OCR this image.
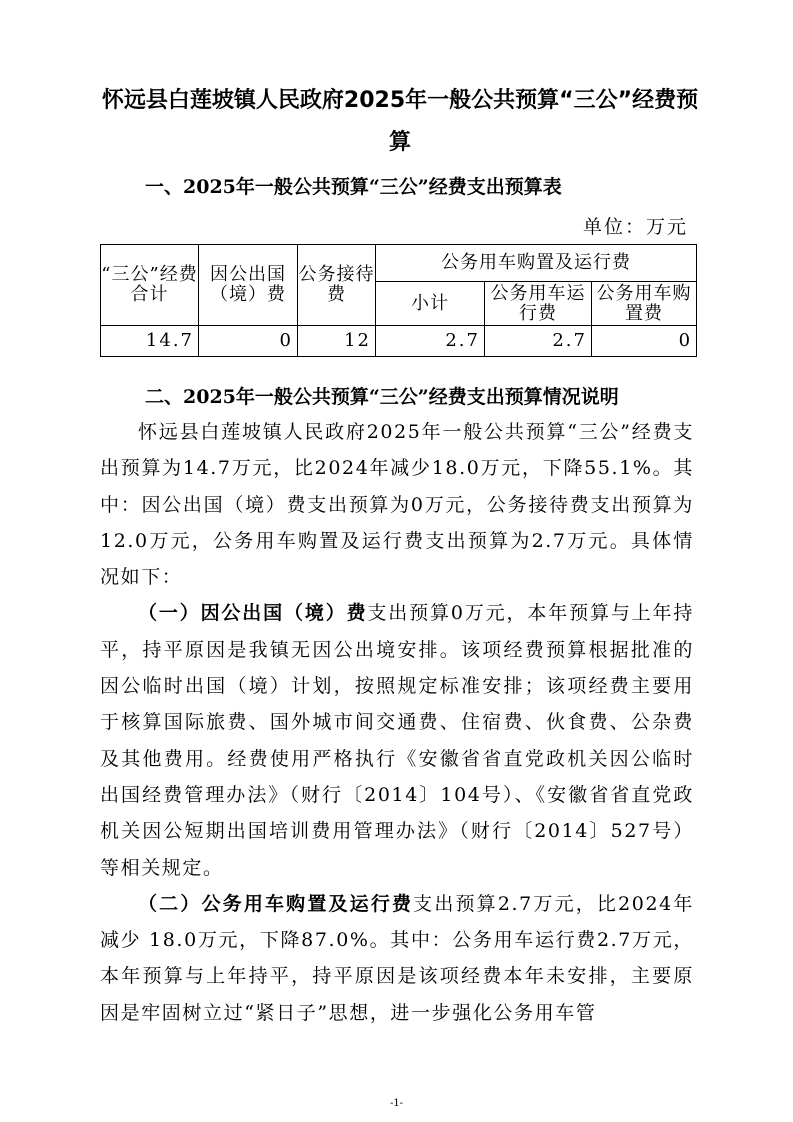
怀远县白莲坡镇人民政府2025年一般公共预算“三公”经费预
算
一、2025年一般公共预算“三公”经费支出预算表
单位：万元
“三公”经费合计	因公出国（境）费	公务接待费	公务用车购置及运行费		
			小计	公务用车运行费	公务用车购置费
14.7	0	12	2.7	2.7	0
二、2025年一般公共预算“三公”经费支出预算情况说明

怀远县白莲坡镇人民政府2025年一般公共预算“三公”经费支出预算为14.7万元，比2024年减少18.0万元，下降55.1%。其中：因公出国（境）费支出预算为0万元，公务接待费支出预算为12.0万元，公务用车购置及运行费支出预算为2.7万元。具体情况如下：

（一）因公出国（境）费支出预算0万元，本年预算与上年持平，持平原因是我镇无因公出境安排。该项经费预算根据批准的因公临时出国（境）计划，按照规定标准安排；该项经费主要用于核算国际旅费、国外城市间交通费、住宿费、伙食费、公杂费及其他费用。经费使用严格执行《安徽省省直党政机关因公临时出国经费管理办法》（财行〔2014〕104号）、《安徽省省直党政机关因公短期出国培训费用管理办法》（财行〔2014〕527号）等相关规定。

（二）公务用车购置及运行费支出预算2.7万元，比2024年减少 18.0万元，下降87.0%。其中：公务用车运行费2.7万元，本年预算与上年持平，持平原因是该项经费本年未安排，主要原因是牢固树立过“紧日子”思想，进一步强化公务用车管

-1-
